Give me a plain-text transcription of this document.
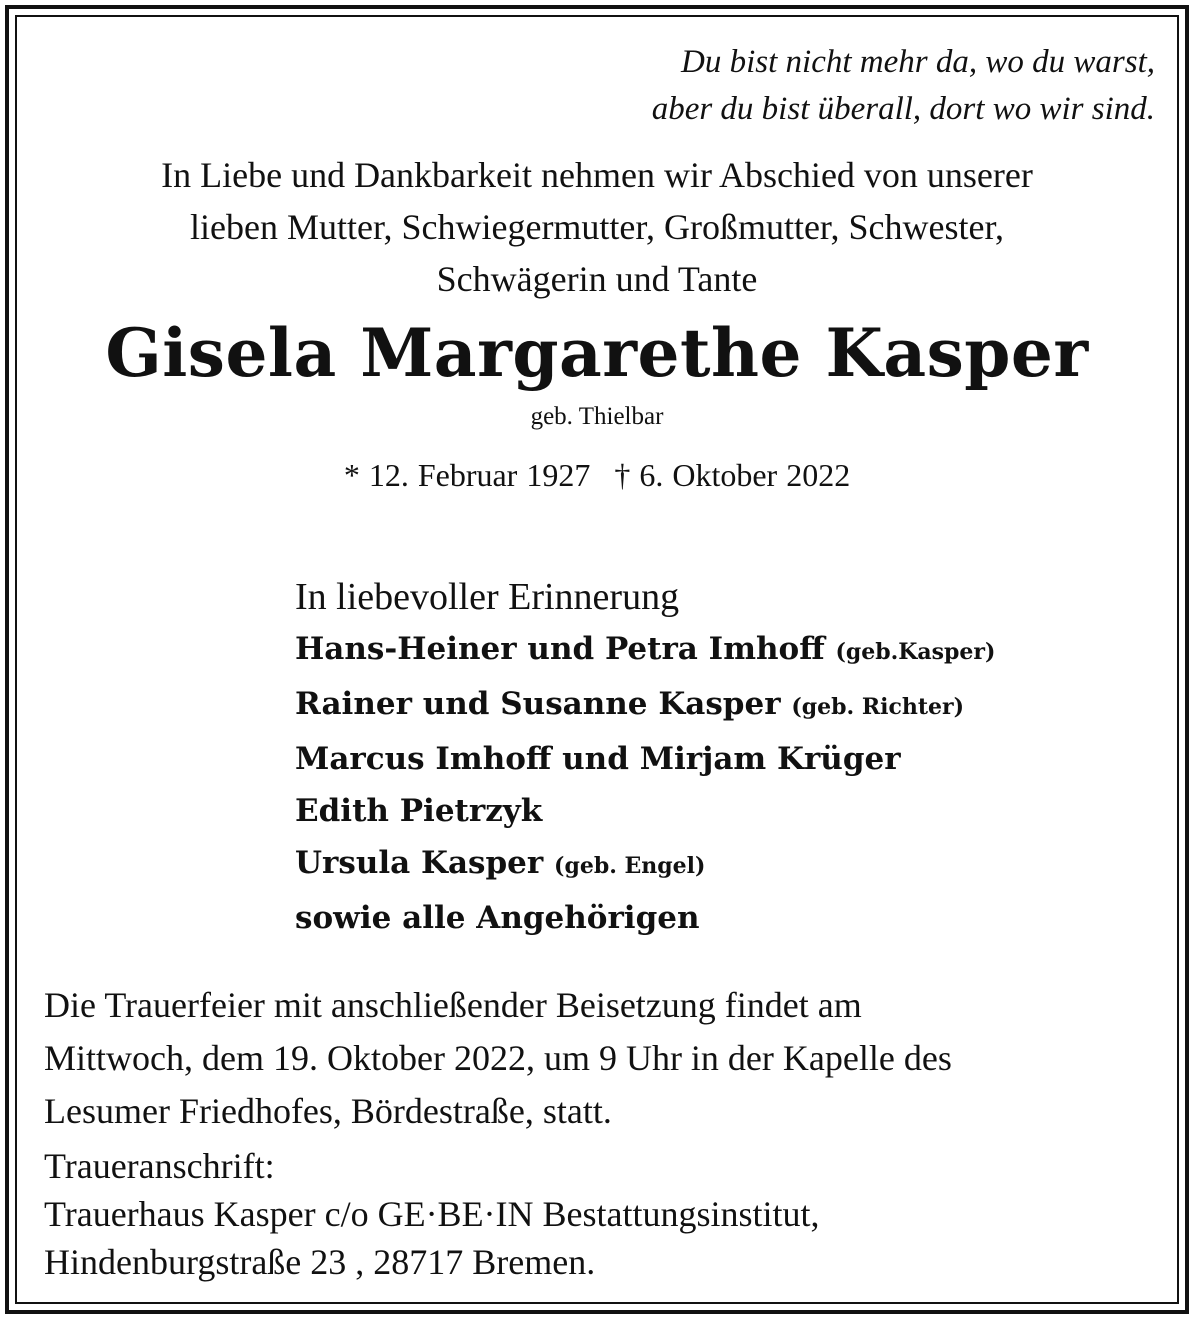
Du bist nicht mehr da, wo du warst,
aber du bist überall, dort wo wir sind.
In Liebe und Dankbarkeit nehmen wir Abschied von unserer
lieben Mutter, Schwiegermutter, Großmutter, Schwester,
Schwägerin und Tante
Gisela Margarethe Kasper
geb. Thielbar
* 12. Februar 1927 † 6. Oktober 2022
In liebevoller Erinnerung
Hans-Heiner und Petra Imhoff (geb.Kasper)
Rainer und Susanne Kasper (geb. Richter)
Marcus Imhoff und Mirjam Krüger
Edith Pietrzyk
Ursula Kasper (geb. Engel)
sowie alle Angehörigen
Die Trauerfeier mit anschließender Beisetzung findet am
Mittwoch, dem 19. Oktober 2022, um 9 Uhr in der Kapelle des
Lesumer Friedhofes, Bördestraße, statt.
Traueranschrift:
Trauerhaus Kasper c/o GE·BE·IN Bestattungsinstitut,
Hindenburgstraße 23 , 28717 Bremen.
